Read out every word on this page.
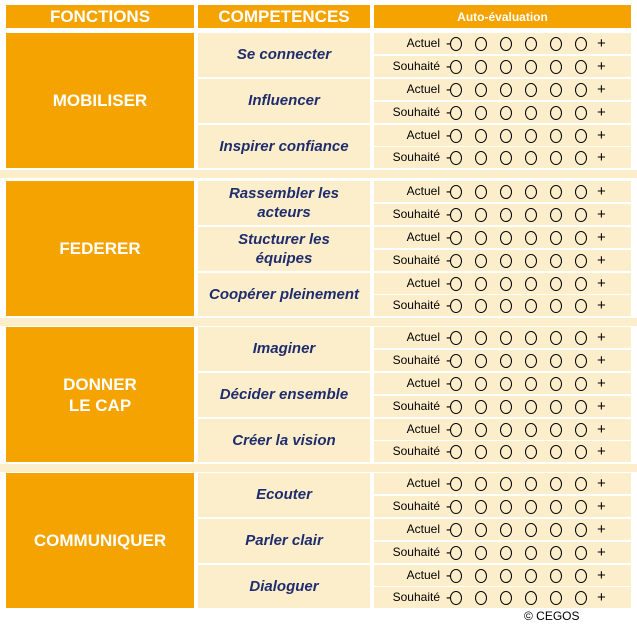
FONCTIONS	COMPETENCES	Auto-évaluation
MOBILISER
Se connecter
Actuel -	+
Souhaité -	+
Influencer
Actuel -	+
Souhaité -	+
Inspirer confiance
Actuel -	+
Souhaité -	+
FEDERER
Rassembler les
acteurs
Actuel -	+
Souhaité -	+
Stucturer les
équipes
Actuel -	+
Souhaité -	+
Coopérer pleinement
Actuel -	+
Souhaité -	+
DONNER
LE CAP
Imaginer
Actuel -	+
Souhaité -	+
Décider ensemble
Actuel -	+
Souhaité -	+
Créer la vision
Actuel -	+
Souhaité -	+
COMMUNIQUER
Ecouter
Actuel -	+
Souhaité -	+
Parler clair
Actuel -	+
Souhaité -	+
Dialoguer
Actuel -	+
Souhaité -	+
© CEGOS
